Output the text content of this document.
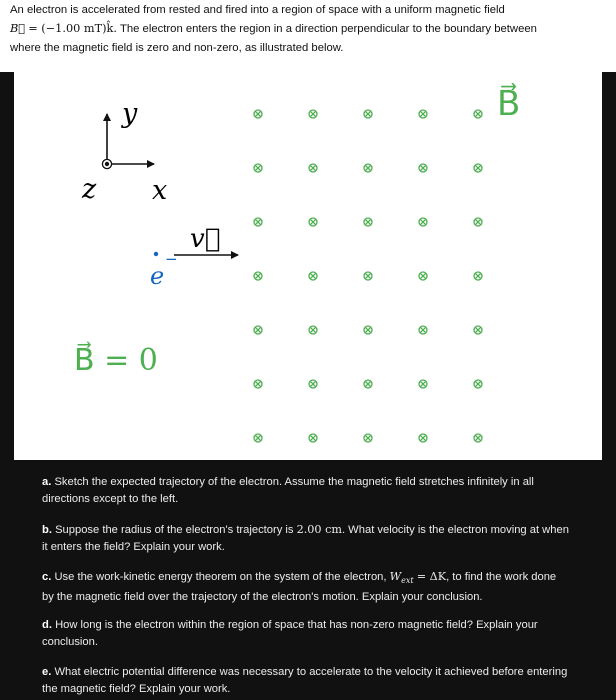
An electron is accelerated from rested and fired into a region of space with a uniform magnetic field
B⃗ = (−1.00 mT)k̂. The electron enters the region in a direction perpendicular to the boundary between
where the magnetic field is zero and non-zero, as illustrated below.
y
x
z
v⃗
e
−
B⃗ = 0
B⃗
a. Sketch the expected trajectory of the electron. Assume the magnetic field stretches infinitely in all
directions except to the left.
b. Suppose the radius of the electron's trajectory is 2.00 cm. What velocity is the electron moving at when
it enters the field? Explain your work.
c. Use the work-kinetic energy theorem on the system of the electron, $W_{ext} = \Delta K$, to find the work done
by the magnetic field over the trajectory of the electron's motion. Explain your conclusion.
d. How long is the electron within the region of space that has non-zero magnetic field? Explain your
conclusion.
e. What electric potential difference was necessary to accelerate to the velocity it achieved before entering
the magnetic field? Explain your work.
